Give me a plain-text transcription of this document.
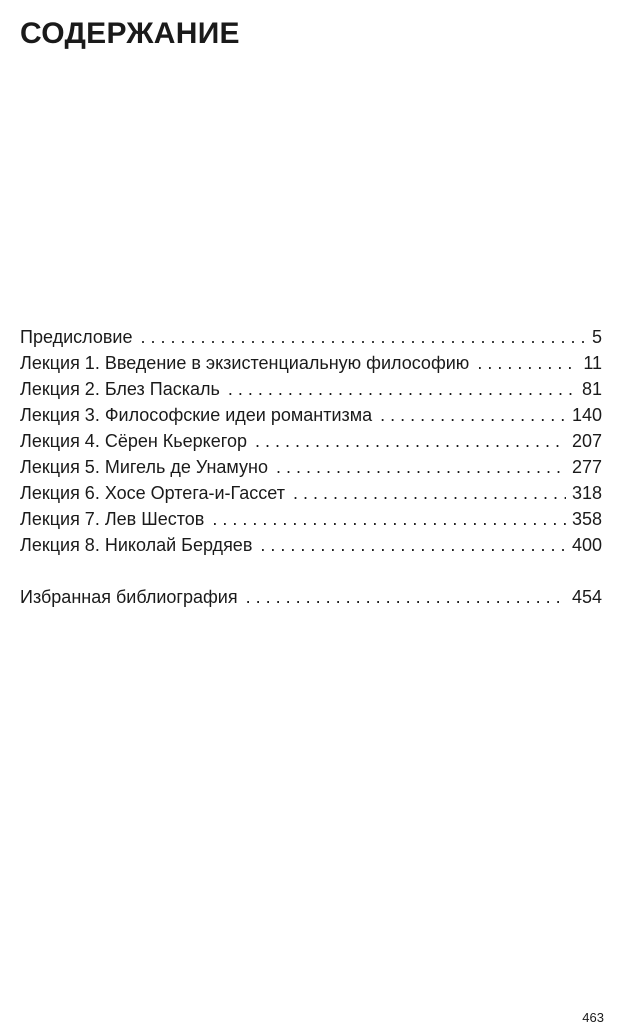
СОДЕРЖАНИЕ
Предисловие . . .	5
Лекция 1. Введение в экзистенциальную философию . . .	11
Лекция 2. Блез Паскаль . . .	81
Лекция 3. Философские идеи романтизма . . .	140
Лекция 4. Сёрен Кьеркегор . . .	207
Лекция 5. Мигель де Унамуно . . .	277
Лекция 6. Хосе Ортега-и-Гассет . . .	318
Лекция 7. Лев Шестов . . .	358
Лекция 8. Николай Бердяев . . .	400
Избранная библиография . . .	454
463
